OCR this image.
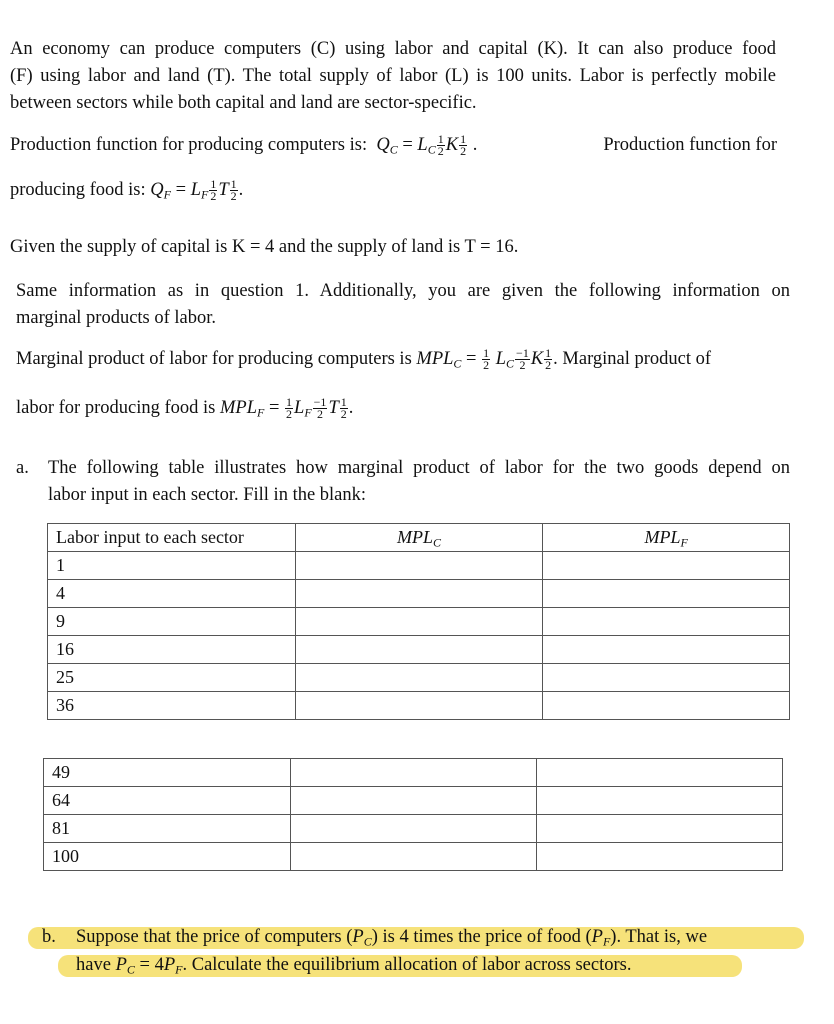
An economy can produce computers (C) using labor and capital (K). It can also produce food

(F) using labor and land (T). The total supply of labor (L) is 100 units. Labor is perfectly mobile

between sectors while both capital and land are sector-specific.

Production function for producing computers is: $Q_C = L_C \frac{1}{2}$ K $\frac{1}{2}$ .	Production function for

producing food is: $Q_F = L_F \frac{1}{2}$ T $\frac{1}{2}$ .

Given the supply of capital is K = 4 and the supply of land is T = 16.

Same information as in question 1. Additionally, you are given the following information on

marginal products of labor.

Marginal product of labor for producing computers is $MPL_C = \frac{1}{2} L_C \frac{-1}{2}$ K $\frac{1}{2}$ . Marginal product of

labor for producing food is $MPL_F = \frac{1}{2} L_F \frac{-1}{2}$ T $\frac{1}{2}$ .

a.	The following table illustrates how marginal product of labor for the two goods depend on

labor input in each sector. Fill in the blank:

Labor input to each sector	$MPL_C$	$MPL_F$
1		
4		
9		
16		
25		
36		
49		
64		
81		
100		

b.	Suppose that the price of computers $(P_C)$ is 4 times the price of food $(P_F)$. That is, we

have $P_C = 4P_F$. Calculate the equilibrium allocation of labor across sectors.
